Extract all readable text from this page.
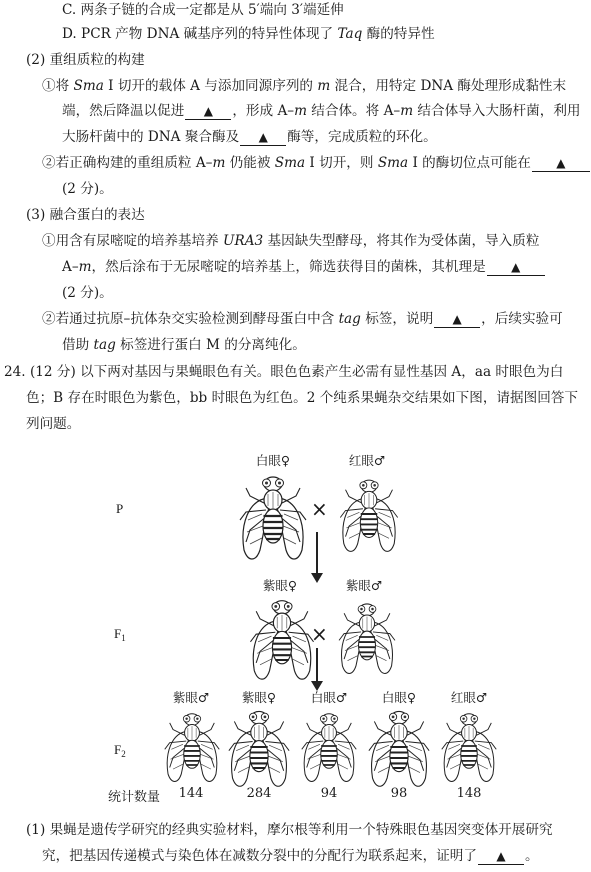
C. 两条子链的合成一定都是从 5′端向 3′端延伸
D. PCR 产物 DNA 碱基序列的特异性体现了 Taq 酶的特异性
(2) 重组质粒的构建
①将 Sma Ⅰ 切开的载体 A 与添加同源序列的 m 混合，用特定 DNA 酶处理形成黏性末
端，然后降温以促进 ▲ ，形成 A–m 结合体。将 A–m 结合体导入大肠杆菌，利用
大肠杆菌中的 DNA 聚合酶及 ▲ 酶等，完成质粒的环化。
②若正确构建的重组质粒 A–m 仍能被 Sma Ⅰ 切开，则 Sma Ⅰ 的酶切位点可能在 ▲
(2 分)。
(3) 融合蛋白的表达
①用含有尿嘧啶的培养基培养 URA3 基因缺失型酵母，将其作为受体菌，导入质粒
A–m，然后涂布于无尿嘧啶的培养基上，筛选获得目的菌株，其机理是 ▲
(2 分)。
②若通过抗原–抗体杂交实验检测到酵母蛋白中含 tag 标签，说明 ▲ ，后续实验可
借助 tag 标签进行蛋白 M 的分离纯化。
24. (12 分) 以下两对基因与果蝇眼色有关。眼色色素产生必需有显性基因 A，aa 时眼色为白
色；B 存在时眼色为紫色，bb 时眼色为红色。2 个纯系果蝇杂交结果如下图，请据图回答下
列问题。
P
$F_1$
$F_2$
白眼♀	红眼♂
×
紫眼♀	紫眼♂
×
紫眼♂	紫眼♀	白眼♂	白眼♀	红眼♂
统计数量	144	284	94	98	148
(1) 果蝇是遗传学研究的经典实验材料，摩尔根等利用一个特殊眼色基因突变体开展研究
究，把基因传递模式与染色体在减数分裂中的分配行为联系起来，证明了 ▲ 。
